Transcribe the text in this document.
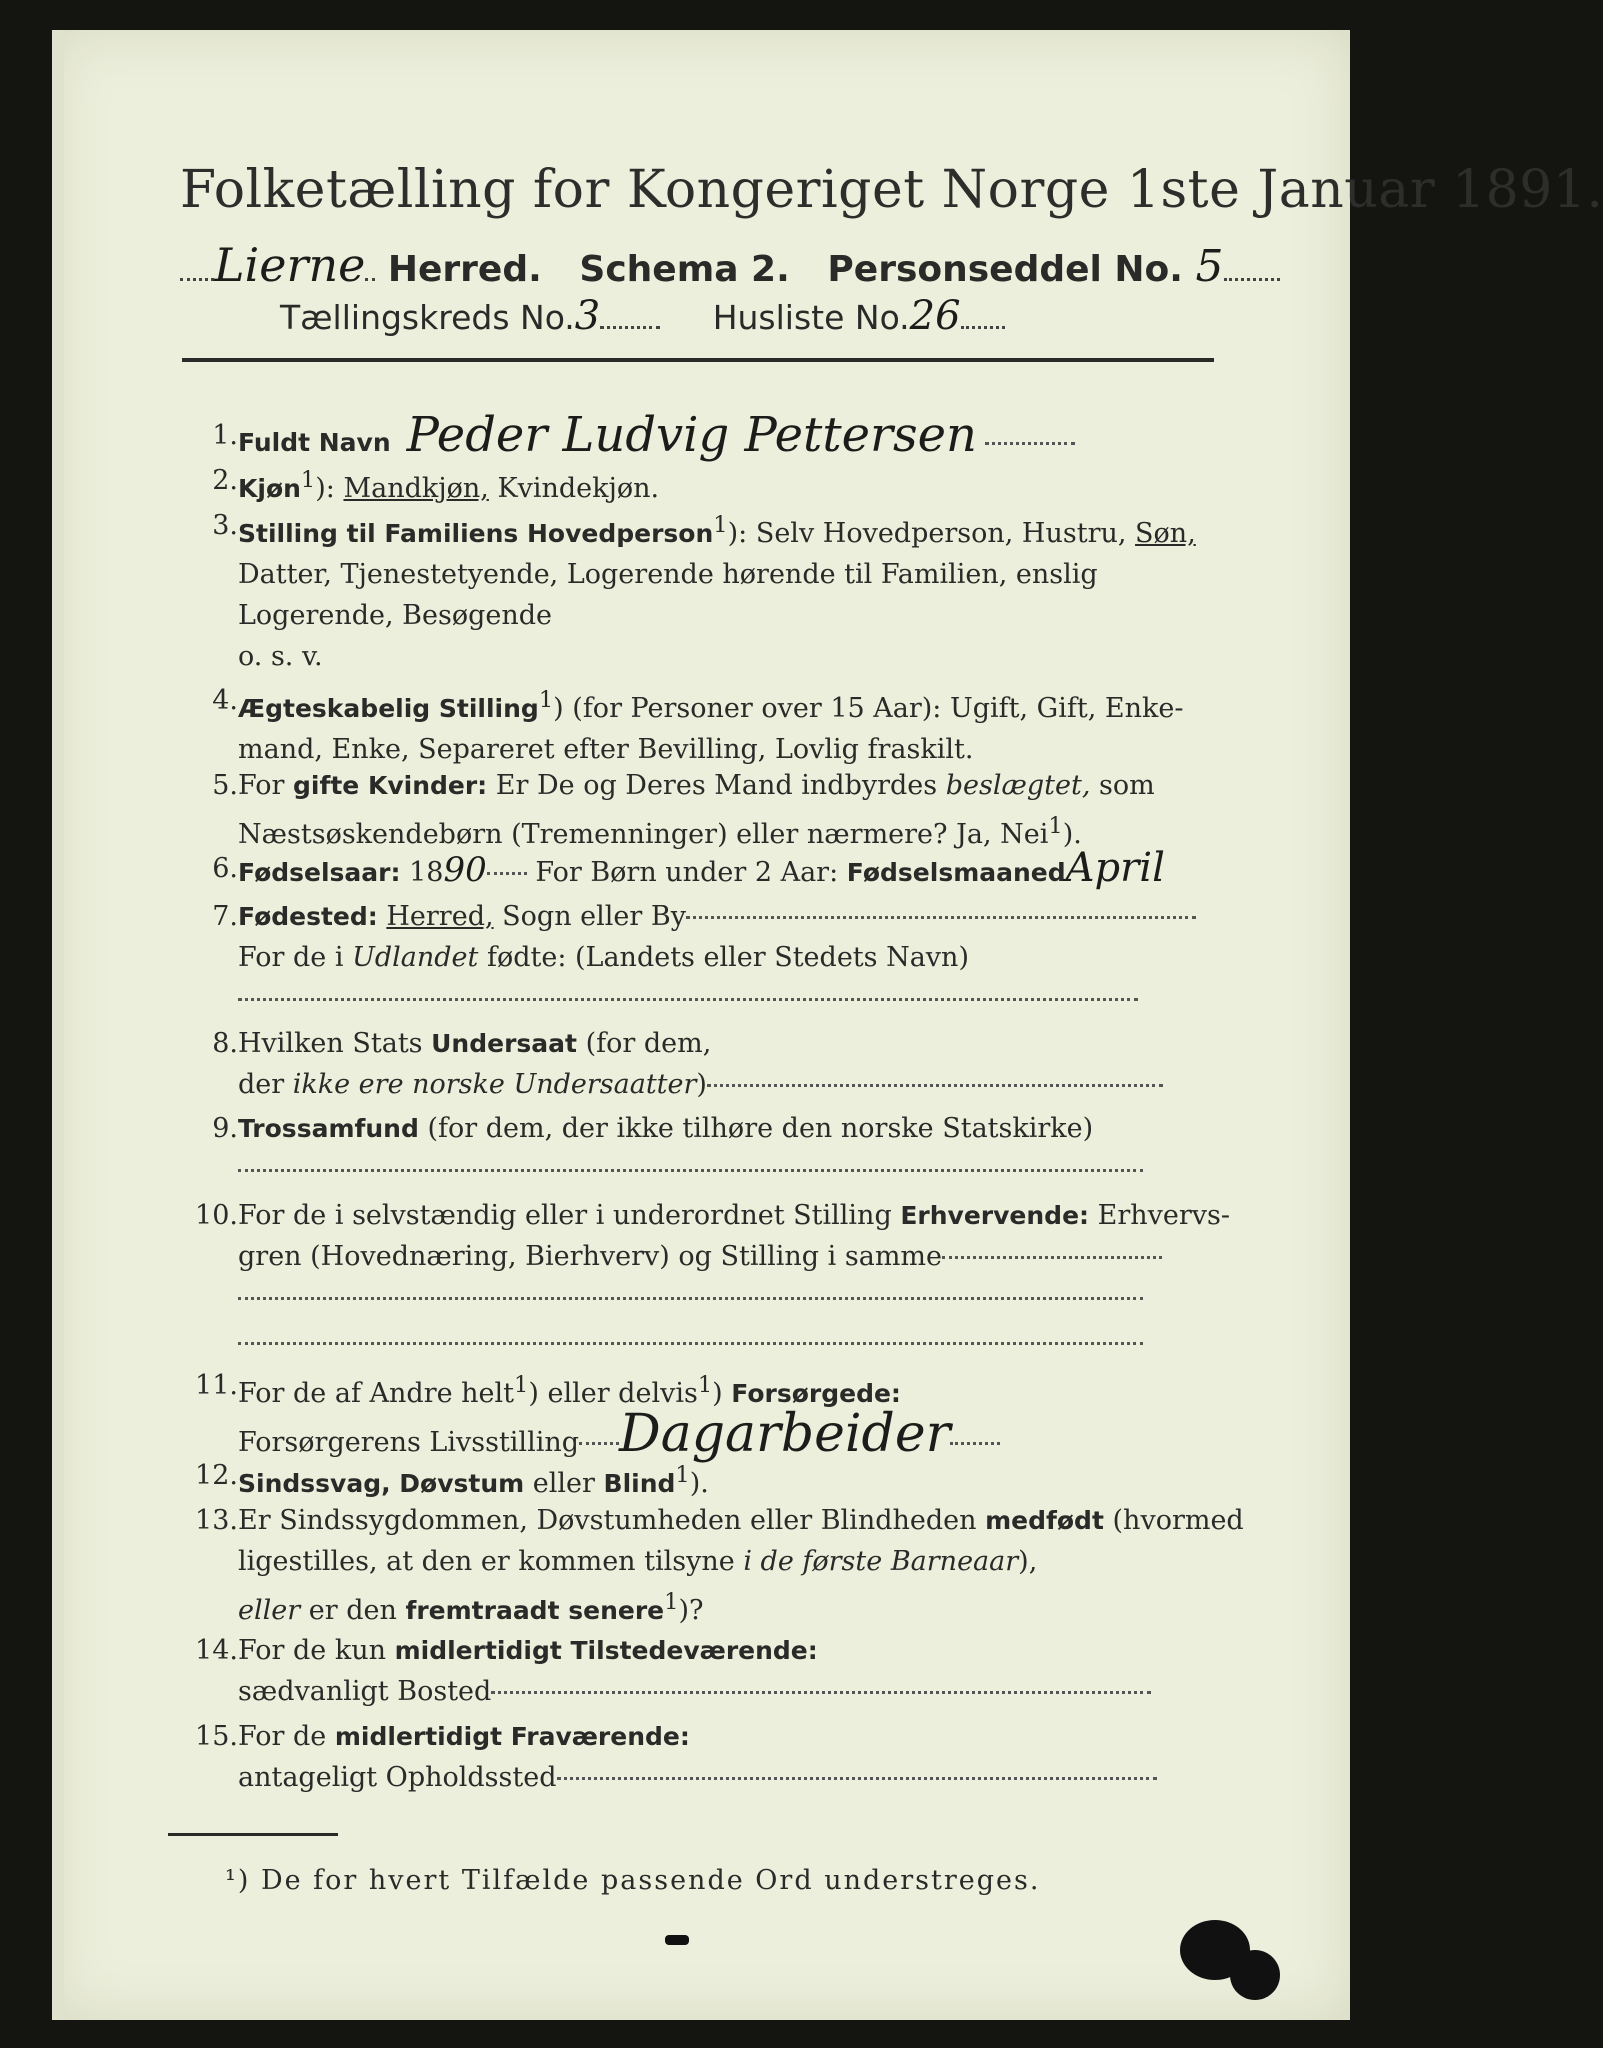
Folketælling for Kongeriget Norge 1ste Januar 1891.
Lierne Herred. Schema 2. Personseddel No. 5
Tællingskreds No.3	Husliste No.26
1. Fuldt Navn Peder Ludvig Pettersen
2. Kjøn$^1$): Mandkjøn, Kvindekjøn.
3. Stilling til Familiens Hovedperson$^1$): Selv Hovedperson, Hustru, Søn,
Datter, Tjenestetyende, Logerende hørende til Familien, enslig
Logerende, Besøgende
o. s. v.
4. Ægteskabelig Stilling$^1$) (for Personer over 15 Aar): Ugift, Gift, Enke-
mand, Enke, Separeret efter Bevilling, Lovlig fraskilt.
5. For gifte Kvinder: Er De og Deres Mand indbyrdes beslægtet, som
Næstsøskendebørn (Tremenninger) eller nærmere? Ja, Nei$^1$).
6. Fødselsaar: 1890 For Børn under 2 Aar: FødselsmaanedApril
7. Fødested: Herred, Sogn eller By
For de i Udlandet fødte: (Landets eller Stedets Navn)
8. Hvilken Stats Undersaat (for dem,
der ikke ere norske Undersaatter)
9. Trossamfund (for dem, der ikke tilhøre den norske Statskirke)
10. For de i selvstændig eller i underordnet Stilling Erhvervende: Erhvervs-
gren (Hovednæring, Bierhverv) og Stilling i samme
11. For de af Andre helt$^1$) eller delvis$^1$) Forsørgede:
Forsørgerens Livsstilling Dagarbeider
12. Sindssvag, Døvstum eller Blind$^1$).
13. Er Sindssygdommen, Døvstumheden eller Blindheden medfødt (hvormed
ligestilles, at den er kommen tilsyne i de første Barneaar),
eller er den fremtraadt senere$^1$)?
14. For de kun midlertidigt Tilstedeværende:
sædvanligt Bosted
15. For de midlertidigt Fraværende:
antageligt Opholdssted
¹) De for hvert Tilfælde passende Ord understreges.
